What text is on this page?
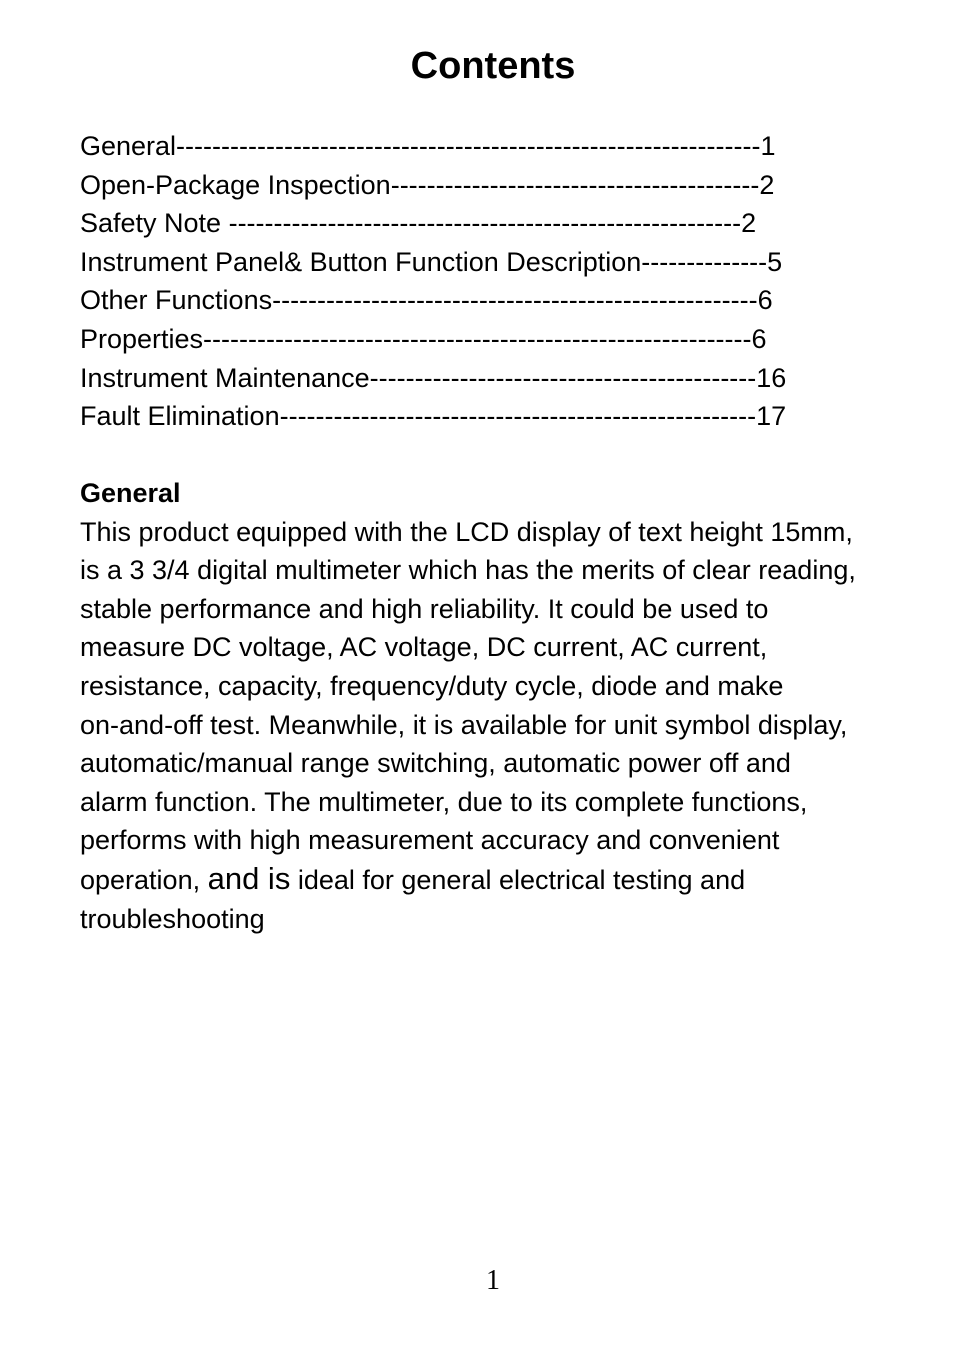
Contents
General-----------------------------------------------------------------1
Open-Package Inspection-----------------------------------------2
Safety Note ---------------------------------------------------------2
Instrument Panel& Button Function Description--------------5
Other Functions------------------------------------------------------6
Properties-------------------------------------------------------------6
Instrument Maintenance-------------------------------------------16
Fault Elimination-----------------------------------------------------17
General

This product equipped with the LCD display of text height 15mm,
is a 3 3/4 digital multimeter which has the merits of clear reading,
stable performance and high reliability. It could be used to
measure DC voltage, AC voltage, DC current, AC current,
resistance, capacity, frequency/duty cycle, diode and make
on-and-off test. Meanwhile, it is available for unit symbol display,
automatic/manual range switching, automatic power off and
alarm function. The multimeter, due to its complete functions,
performs with high measurement accuracy and convenient
operation, and is ideal for general electrical testing and
troubleshooting

1
